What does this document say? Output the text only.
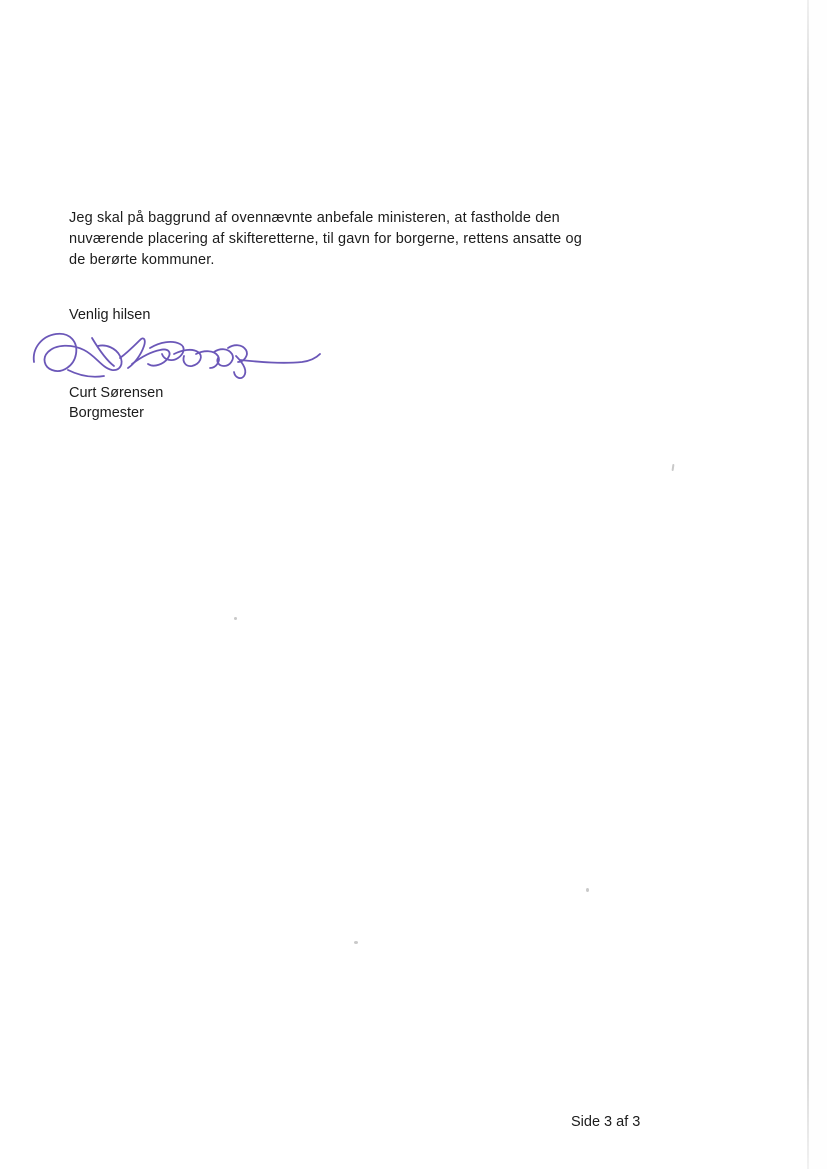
Jeg skal på baggrund af ovennævnte anbefale ministeren, at fastholde den nuværende placering af skifteretterne, til gavn for borgerne, rettens ansatte og de berørte kommuner.

Venlig hilsen
Curt Sørensen
Borgmester
Side 3 af 3
